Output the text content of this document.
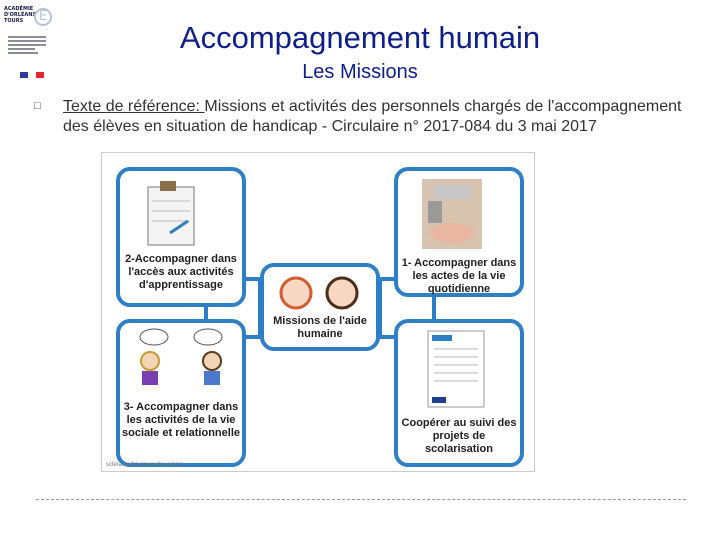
ACADÉMIE
D'ORLÉANS
TOURS	É
Accompagnement humain
Les Missions
□ Texte de référence: Missions et activités des personnels chargés de l'accompagnement des élèves en situation de handicap - Circulaire n° 2017-084 du 3 mai 2017
2-Accompagner dans l'accès aux activités d'apprentissage
1- Accompagner dans les actes de la vie quotidienne
Missions de l'aide humaine
3- Accompagner dans les activités de la vie sociale et relationnelle
Coopérer au suivi des projets de scolarisation
sclera.be/fr/vrmuevrbe-sicole
